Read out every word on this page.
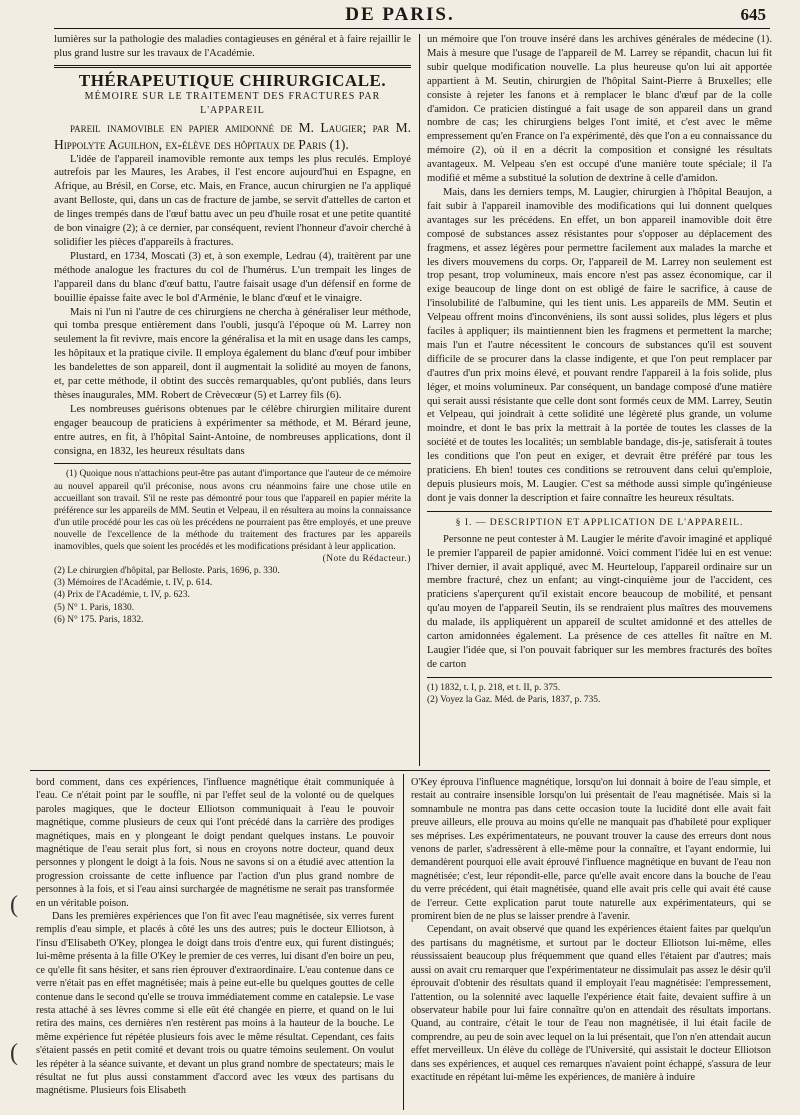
DE PARIS.	645

lumières sur la pathologie des maladies contagieuses en général et à faire rejaillir le plus grand lustre sur les travaux de l'Académie.

THÉRAPEUTIQUE CHIRURGICALE.
MÉMOIRE SUR LE TRAITEMENT DES FRACTURES PAR L'APPAREIL

pareil inamovible en papier amidonné de M. Laugier; par M. Hippolyte Aguilhon, ex-élève des hôpitaux de Paris (1).

L'idée de l'appareil inamovible remonte aux temps les plus reculés. Employé autrefois par les Maures, les Arabes, il l'est encore aujourd'hui en Espagne, en Afrique, au Brésil, en Corse, etc. Mais, en France, aucun chirurgien ne l'a appliqué avant Belloste, qui, dans un cas de fracture de jambe, se servit d'attelles de carton et de linges trempés dans de l'œuf battu avec un peu d'huile rosat et une petite quantité de bon vinaigre (2); à ce dernier, par conséquent, revient l'honneur d'avoir cherché à solidifier les pièces d'appareils à fractures.

Plustard, en 1734, Moscati (3) et, à son exemple, Ledrau (4), traitèrent par une méthode analogue les fractures du col de l'humérus. L'un trempait les linges de l'appareil dans du blanc d'œuf battu, l'autre faisait usage d'un défensif en forme de bouillie épaisse faite avec le bol d'Arménie, le blanc d'œuf et le vinaigre.

Mais ni l'un ni l'autre de ces chirurgiens ne chercha à généraliser leur méthode, qui tomba presque entièrement dans l'oubli, jusqu'à l'époque où M. Larrey non seulement la fit revivre, mais encore la généralisa et la mit en usage dans les camps, les hôpitaux et la pratique civile. Il employa également du blanc d'œuf pour imbiber les bandelettes de son appareil, dont il augmentait la solidité au moyen de fanons, et, par cette méthode, il obtint des succès remarquables, qu'ont publiés, dans leurs thèses inaugurales, MM. Robert de Crèvecœur (5) et Larrey fils (6).

Les nombreuses guérisons obtenues par le célèbre chirurgien militaire durent engager beaucoup de praticiens à expérimenter sa méthode, et M. Bérard jeune, entre autres, en fit, à l'hôpital Saint-Antoine, de nombreuses applications, dont il consigna, en 1832, les heureux résultats dans

(1) Quoique nous n'attachions peut-être pas autant d'importance que l'auteur de ce mémoire au nouvel appareil qu'il préconise, nous avons cru néanmoins faire une chose utile en accueillant son travail. S'il ne reste pas démontré pour tous que l'appareil en papier mérite la préférence sur les appareils de MM. Seutin et Velpeau, il en résultera au moins la connaissance d'un utile procédé pour les cas où les précédens ne pourraient pas être employés, et une preuve nouvelle de l'excellence de la méthode du traitement des fractures par les appareils inamovibles, quels que soient les procédés et les modifications présidant à leur application.
(Note du Rédacteur.)
(2) Le chirurgien d'hôpital, par Belloste. Paris, 1696, p. 330.
(3) Mémoires de l'Académie, t. IV, p. 614.
(4) Prix de l'Académie, t. IV, p. 623.
(5) N° 1. Paris, 1830.
(6) N° 175. Paris, 1832.

un mémoire que l'on trouve inséré dans les archives générales de médecine (1). Mais à mesure que l'usage de l'appareil de M. Larrey se répandit, chacun lui fit subir quelque modification nouvelle. La plus heureuse qu'on lui ait apportée appartient à M. Seutin, chirurgien de l'hôpital Saint-Pierre à Bruxelles; elle consiste à rejeter les fanons et à remplacer le blanc d'œuf par de la colle d'amidon. Ce praticien distingué a fait usage de son appareil dans un grand nombre de cas; les chirurgiens belges l'ont imité, et c'est avec le même empressement qu'en France on l'a expérimenté, dès que l'on a eu connaissance du mémoire (2), où il en a décrit la composition et consigné les résultats avantageux. M. Velpeau s'en est occupé d'une manière toute spéciale; il l'a modifié et même a substitué la solution de dextrine à celle d'amidon.

Mais, dans les derniers temps, M. Laugier, chirurgien à l'hôpital Beaujon, a fait subir à l'appareil inamovible des modifications qui lui donnent quelques avantages sur les précédens. En effet, un bon appareil inamovible doit être composé de substances assez résistantes pour s'opposer au déplacement des fragmens, et assez légères pour permettre facilement aux malades la marche et les divers mouvemens du corps. Or, l'appareil de M. Larrey non seulement est trop pesant, trop volumineux, mais encore n'est pas assez économique, car il exige beaucoup de linge dont on est obligé de faire le sacrifice, à cause de l'insolubilité de l'albumine, qui les tient unis. Les appareils de MM. Seutin et Velpeau offrent moins d'inconvéniens, ils sont aussi solides, plus légers et plus faciles à appliquer; ils maintiennent bien les fragmens et permettent la marche; mais l'un et l'autre nécessitent le concours de substances qu'il est souvent difficile de se procurer dans la classe indigente, et que l'on peut remplacer par d'autres d'un prix moins élevé, et pouvant rendre l'appareil à la fois solide, plus léger, et moins volumineux. Par conséquent, un bandage composé d'une matière qui serait aussi résistante que celle dont sont formés ceux de MM. Larrey, Seutin et Velpeau, qui joindrait à cette solidité une légèreté plus grande, un volume moindre, et dont le bas prix la mettrait à la portée de toutes les classes de la société et de toutes les localités; un semblable bandage, dis-je, satisferait à toutes les conditions que l'on peut en exiger, et devrait être préféré par tous les praticiens. Eh bien! toutes ces conditions se retrouvent dans celui qu'emploie, depuis plusieurs mois, M. Laugier. C'est sa méthode aussi simple qu'ingénieuse dont je vais donner la description et faire connaître les heureux résultats.

§ I. — DESCRIPTION ET APPLICATION DE L'APPAREIL.

Personne ne peut contester à M. Laugier le mérite d'avoir imaginé et appliqué le premier l'appareil de papier amidonné. Voici comment l'idée lui en est venue: l'hiver dernier, il avait appliqué, avec M. Heurteloup, l'appareil ordinaire sur un membre fracturé, chez un enfant; au vingt-cinquième jour de l'accident, ces praticiens s'aperçurent qu'il existait encore beaucoup de mobilité, et pensant qu'au moyen de l'appareil Seutin, ils se rendraient plus maîtres des mouvemens du malade, ils appliquèrent un appareil de scultet amidonné et des attelles de carton amidonnées également. La présence de ces attelles fit naître en M. Laugier l'idée que, si l'on pouvait fabriquer sur les membres fracturés des boîtes de carton

(1) 1832, t. I, p. 218, et t. II, p. 375.
(2) Voyez la Gaz. Méd. de Paris, 1837, p. 735.

bord comment, dans ces expériences, l'influence magnétique était communiquée à l'eau. Ce n'était point par le souffle, ni par l'effet seul de la volonté ou de quelques paroles magiques, que le docteur Elliotson communiquait à l'eau le pouvoir magnétique, comme plusieurs de ceux qui l'ont précédé dans la carrière des prodiges magnétiques, mais en y plongeant le doigt pendant quelques instans. Le pouvoir magnétique de l'eau serait plus fort, si nous en croyons notre docteur, quand deux personnes y plongent le doigt à la fois. Nous ne savons si on a étudié avec attention la progression croissante de cette influence par l'action d'un plus grand nombre de personnes à la fois, et si l'eau ainsi surchargée de magnétisme ne serait pas transformée en un véritable poison.

Dans les premières expériences que l'on fit avec l'eau magnétisée, six verres furent remplis d'eau simple, et placés à côté les uns des autres; puis le docteur Elliotson, à l'insu d'Elisabeth O'Key, plongea le doigt dans trois d'entre eux, qui furent distingués; lui-même présenta à la fille O'Key le premier de ces verres, lui disant d'en boire un peu, ce qu'elle fit sans hésiter, et sans rien éprouver d'extraordinaire. L'eau contenue dans ce verre n'était pas en effet magnétisée; mais à peine eut-elle bu quelques gouttes de celle contenue dans le second qu'elle se trouva immédiatement comme en catalepsie. Le vase resta attaché à ses lèvres comme si elle eût été changée en pierre, et quand on le lui retira des mains, ces dernières n'en restèrent pas moins à la hauteur de la bouche. Le même expérience fut répétée plusieurs fois avec le même résultat. Cependant, ces faits s'étaient passés en petit comité et devant trois ou quatre témoins seulement. On voulut les répéter à la séance suivante, et devant un plus grand nombre de spectateurs; mais le résultat ne fut plus aussi constamment d'accord avec les vœux des partisans du magnétisme. Plusieurs fois Elisabeth

O'Key éprouva l'influence magnétique, lorsqu'on lui donnait à boire de l'eau simple, et restait au contraire insensible lorsqu'on lui présentait de l'eau magnétisée. Mais si la somnambule ne montra pas dans cette occasion toute la lucidité dont elle avait fait preuve ailleurs, elle prouva au moins qu'elle ne manquait pas d'habileté pour expliquer ses méprises. Les expérimentateurs, ne pouvant trouver la cause des erreurs dont nous venons de parler, s'adressèrent à elle-même pour la connaître, et l'ayant endormie, lui demandèrent pourquoi elle avait éprouvé l'influence magnétique en buvant de l'eau non magnétisée; c'est, leur répondit-elle, parce qu'elle avait encore dans la bouche de l'eau du verre précédent, qui était magnétisée, quand elle avait pris celle qui avait été cause de l'erreur. Cette explication parut toute naturelle aux expérimentateurs, qui se promirent bien de ne plus se laisser prendre à l'avenir.

Cependant, on avait observé que quand les expériences étaient faites par quelqu'un des partisans du magnétisme, et surtout par le docteur Elliotson lui-même, elles réussissaient beaucoup plus fréquemment que quand elles l'étaient par d'autres; mais aussi on avait cru remarquer que l'expérimentateur ne dissimulait pas assez le désir qu'il éprouvait d'obtenir des résultats quand il employait l'eau magnétisée: l'empressement, l'attention, ou la solennité avec laquelle l'expérience était faite, devaient suffire à un observateur habile pour lui faire connaître qu'on en attendait des résultats importans. Quand, au contraire, c'était le tour de l'eau non magnétisée, il lui était facile de comprendre, au peu de soin avec lequel on la lui présentait, que l'on n'en attendait aucun effet merveilleux. Un élève du collège de l'Université, qui assistait le docteur Elliotson dans ses expériences, et auquel ces remarques n'avaient point échappé, s'assura de leur exactitude en répétant lui-même les expériences, de manière à induire

(
(
